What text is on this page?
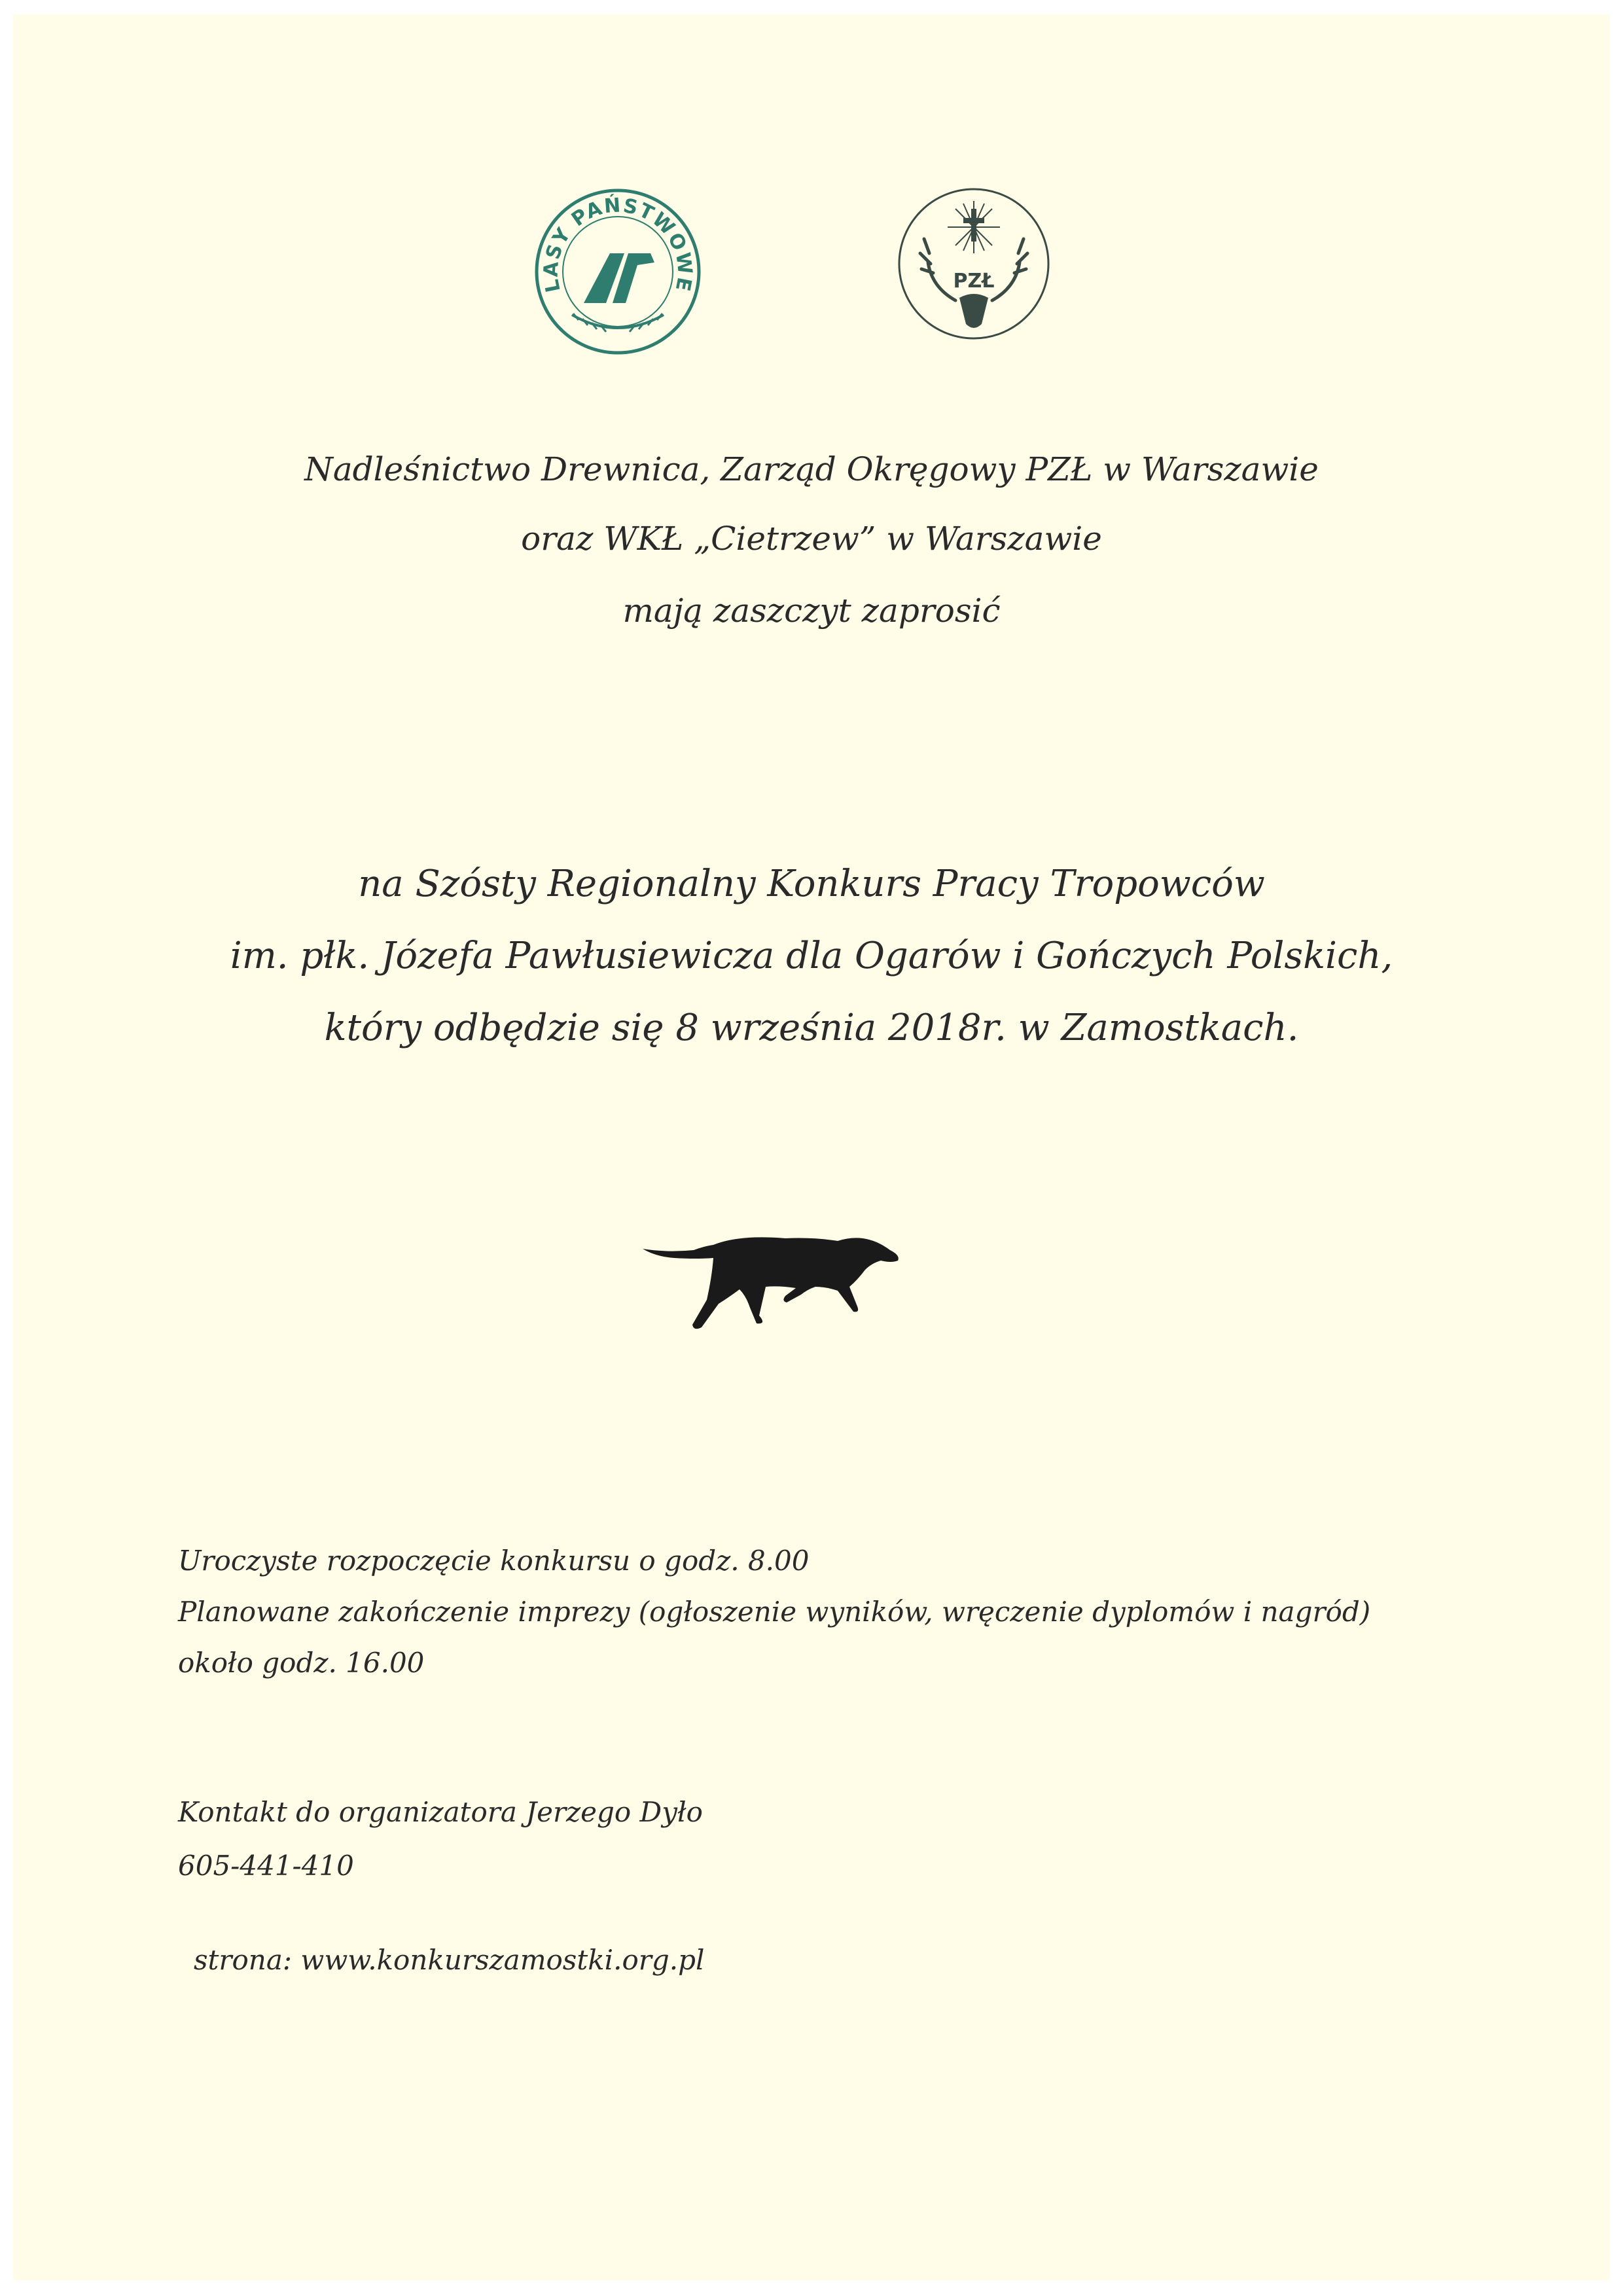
LASY PAŃSTWOWE	PZŁ
Nadleśnictwo Drewnica, Zarząd Okręgowy PZŁ w Warszawie
oraz WKŁ „Cietrzew” w Warszawie
mają zaszczyt zaprosić
na Szósty Regionalny Konkurs Pracy Tropowców
im. płk. Józefa Pawłusiewicza dla Ogarów i Gończych Polskich,
który odbędzie się 8 września 2018r. w Zamostkach.
Uroczyste rozpoczęcie konkursu o godz. 8.00
Planowane zakończenie imprezy (ogłoszenie wyników, wręczenie dyplomów i nagród)
około godz. 16.00
Kontakt do organizatora Jerzego Dyło
605-441-410
strona: www.konkurszamostki.org.pl
